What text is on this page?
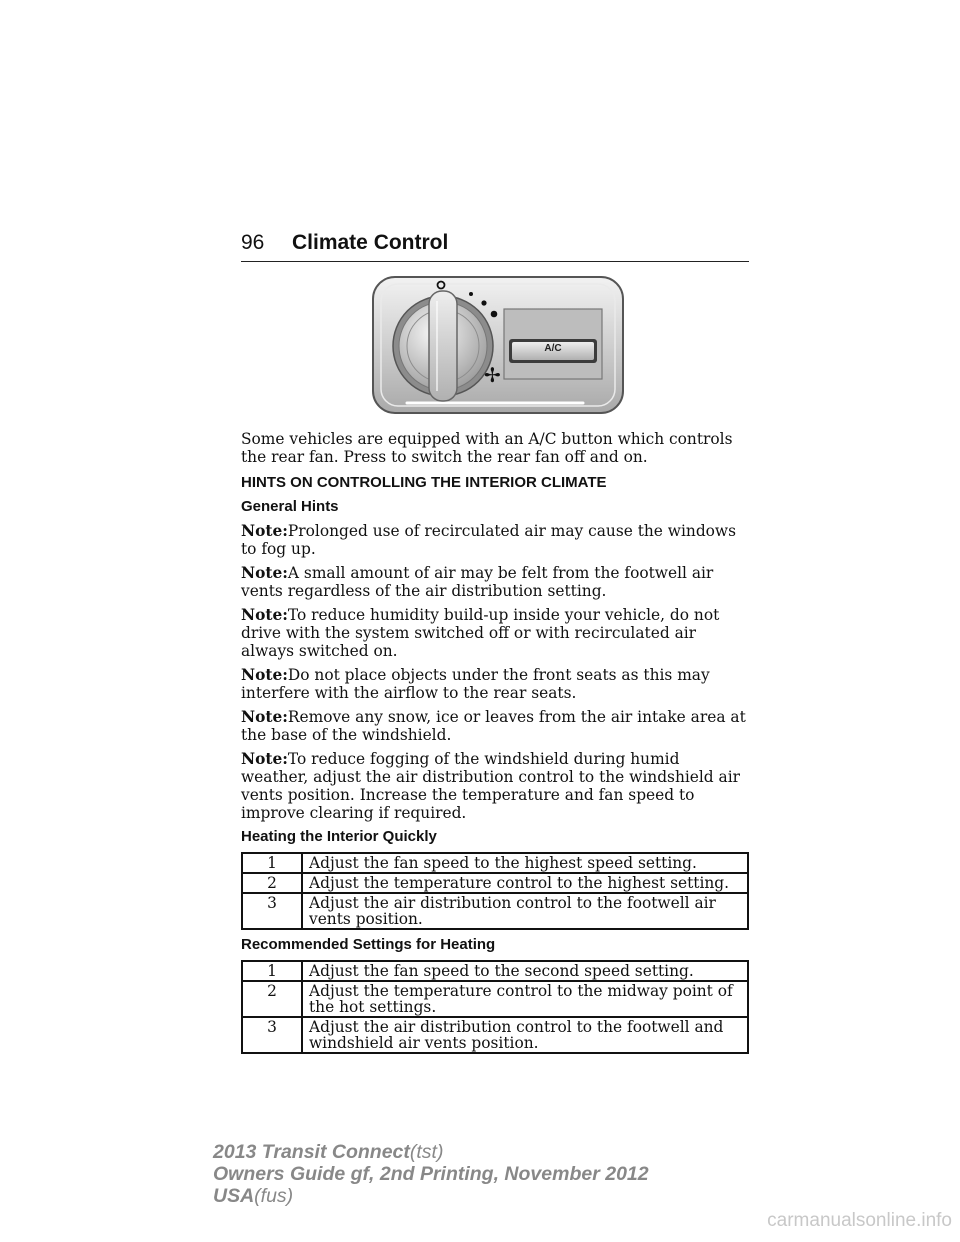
96 Climate Control
A/C
✢

Some vehicles are equipped with an A/C button which controls the rear fan. Press to switch the rear fan off and on.

HINTS ON CONTROLLING THE INTERIOR CLIMATE
General Hints

Note:Prolonged use of recirculated air may cause the windows to fog up.

Note:A small amount of air may be felt from the footwell air vents regardless of the air distribution setting.

Note:To reduce humidity build-up inside your vehicle, do not drive with the system switched off or with recirculated air always switched on.

Note:Do not place objects under the front seats as this may interfere with the airflow to the rear seats.

Note:Remove any snow, ice or leaves from the air intake area at the base of the windshield.

Note:To reduce fogging of the windshield during humid weather, adjust the air distribution control to the windshield air vents position. Increase the temperature and fan speed to improve clearing if required.

Heating the Interior Quickly
1	Adjust the fan speed to the highest speed setting.
2	Adjust the temperature control to the highest setting.
3	Adjust the air distribution control to the footwell air vents position.
Recommended Settings for Heating
1	Adjust the fan speed to the second speed setting.
2	Adjust the temperature control to the midway point of the hot settings.
3	Adjust the air distribution control to the footwell and windshield air vents position.
2013 Transit Connect(tst)
Owners Guide gf, 2nd Printing, November 2012
USA(fus)
carmanualsonline.info
